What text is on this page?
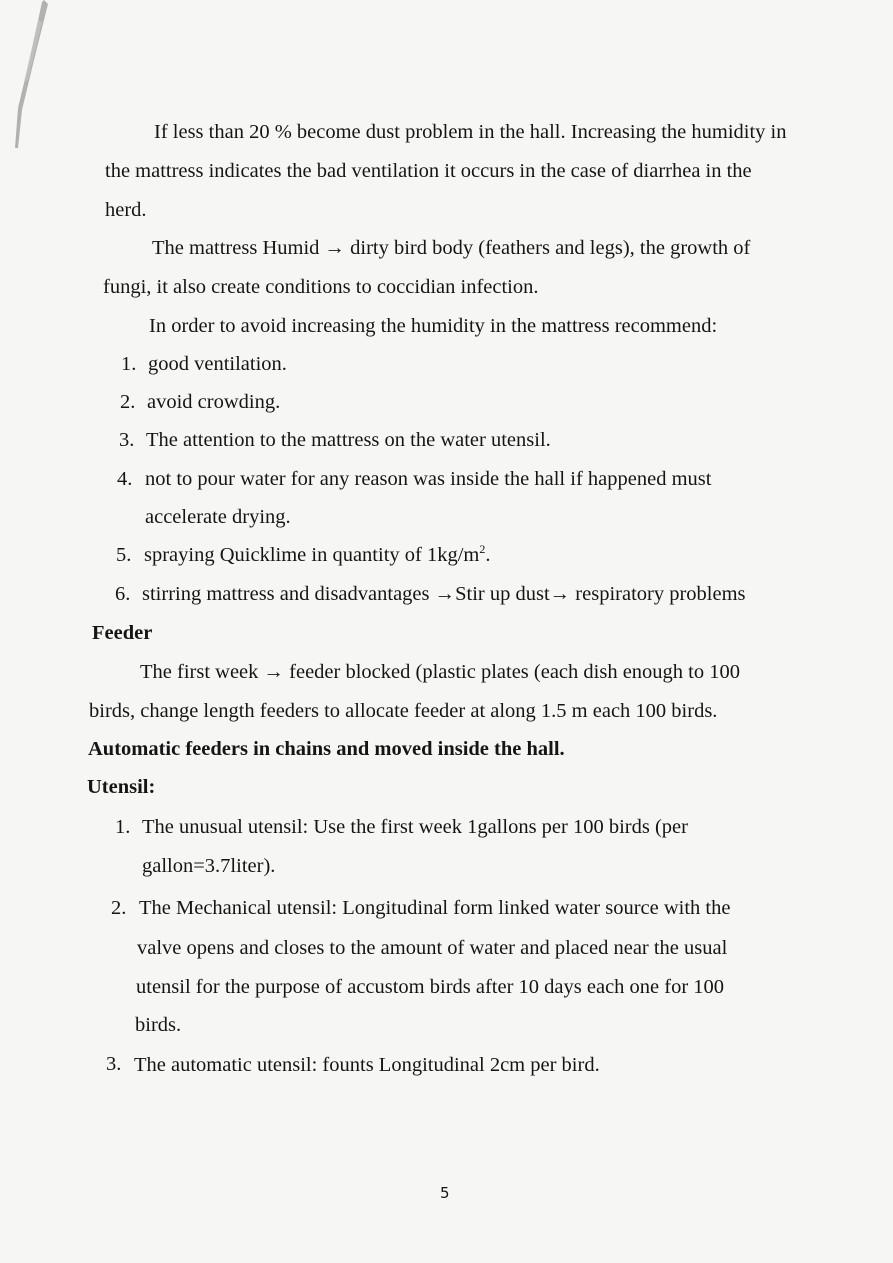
If less than 20 % become dust problem in the hall. Increasing the humidity in
the mattress indicates the bad ventilation it occurs in the case of diarrhea in the
herd.
The mattress Humid → dirty bird body (feathers and legs), the growth of
fungi, it also create conditions to coccidian infection.
In order to avoid increasing the humidity in the mattress recommend:
1. good ventilation.
2. avoid crowding.
3. The attention to the mattress on the water utensil.
4. not to pour water for any reason was inside the hall if happened must
accelerate drying.
5. spraying Quicklime in quantity of $1kg/m^2$.
6. stirring mattress and disadvantages →Stir up dust→ respiratory problems
Feeder
The first week → feeder blocked (plastic plates (each dish enough to 100
birds, change length feeders to allocate feeder at along 1.5 m each 100 birds.
Automatic feeders in chains and moved inside the hall.
Utensil:
1. The unusual utensil: Use the first week 1gallons per 100 birds (per
gallon=3.7liter).
2. The Mechanical utensil: Longitudinal form linked water source with the
valve opens and closes to the amount of water and placed near the usual
utensil for the purpose of accustom birds after 10 days each one for 100
birds.
3. The automatic utensil: founts Longitudinal 2cm per bird.
5
